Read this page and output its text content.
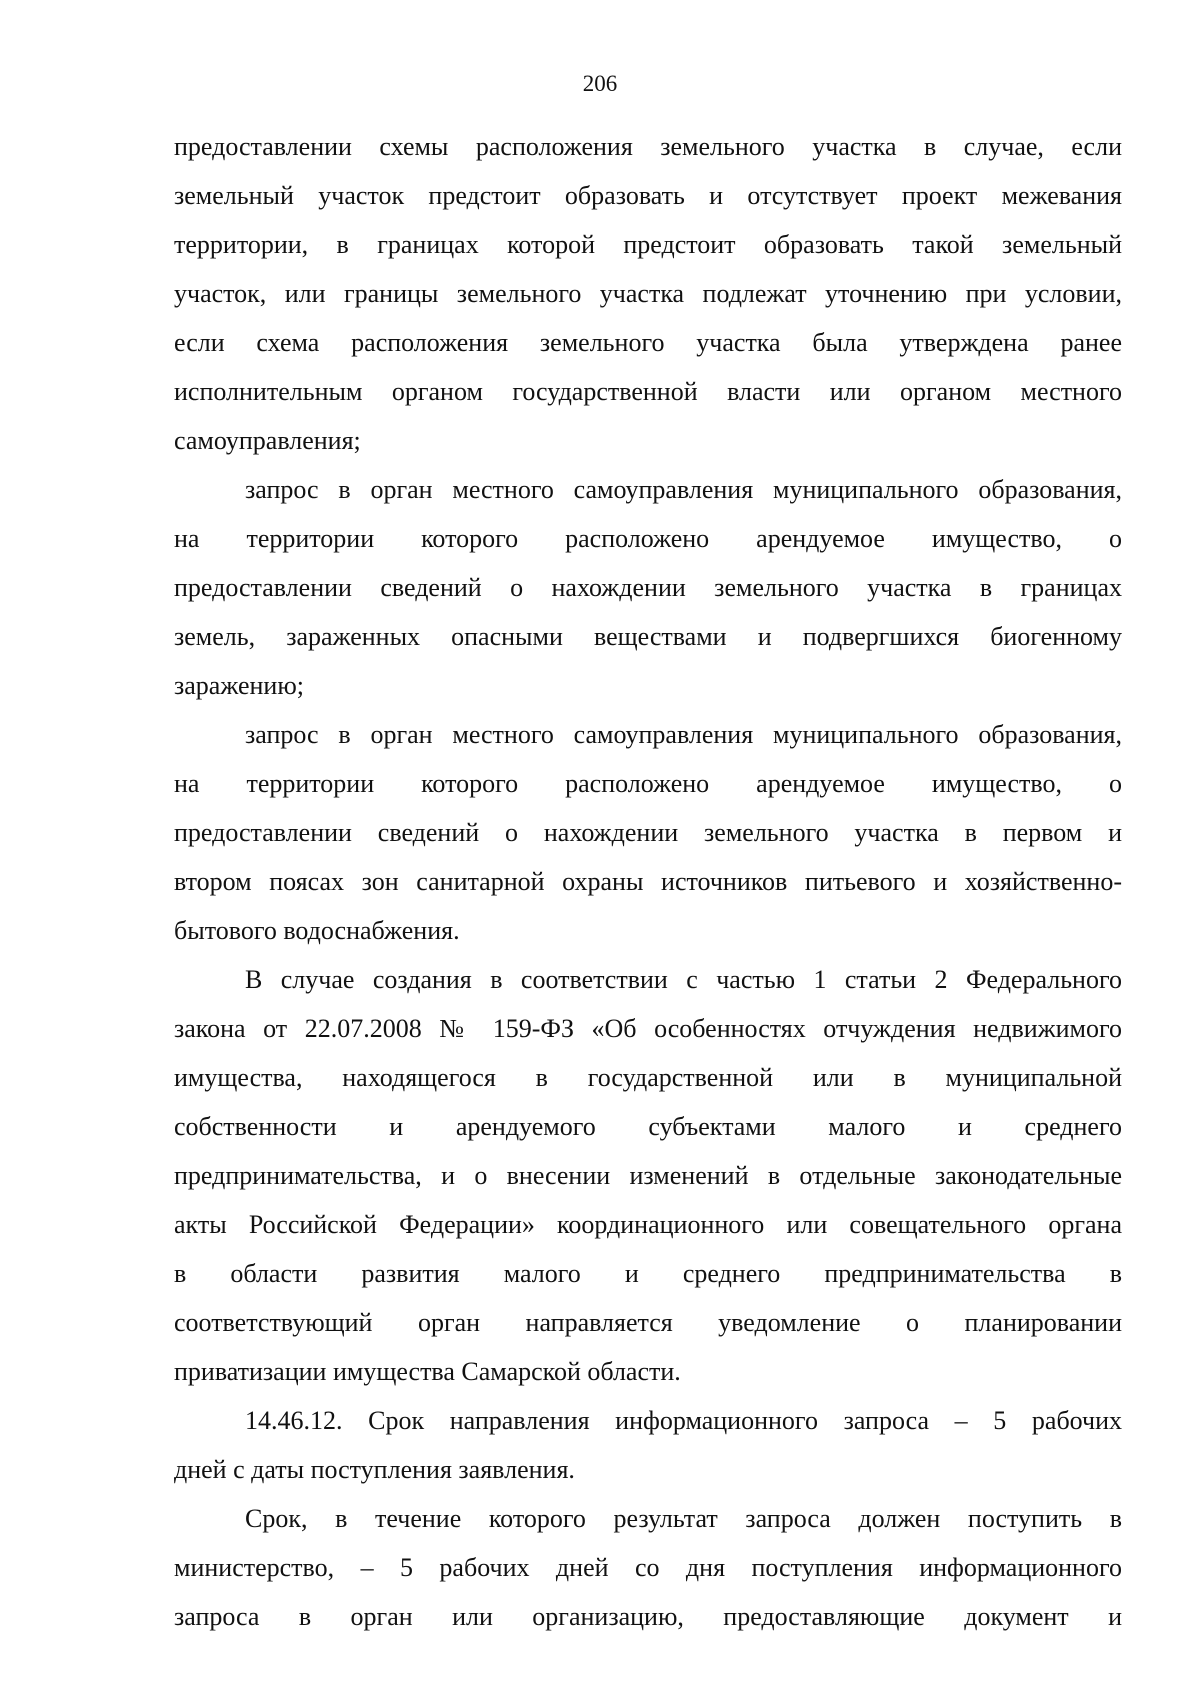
206
предоставлении схемы расположения земельного участка в случае, если
земельный участок предстоит образовать и отсутствует проект межевания
территории, в границах которой предстоит образовать такой земельный
участок, или границы земельного участка подлежат уточнению при условии,
если схема расположения земельного участка была утверждена ранее
исполнительным органом государственной власти или органом местного
самоуправления;
запрос в орган местного самоуправления муниципального образования,
на территории которого расположено арендуемое имущество, о
предоставлении сведений о нахождении земельного участка в границах
земель, зараженных опасными веществами и подвергшихся биогенному
заражению;
запрос в орган местного самоуправления муниципального образования,
на территории которого расположено арендуемое имущество, о
предоставлении сведений о нахождении земельного участка в первом и
втором поясах зон санитарной охраны источников питьевого и хозяйственно-
бытового водоснабжения.
В случае создания в соответствии с частью 1 статьи 2 Федерального
закона от 22.07.2008 № 159-ФЗ «Об особенностях отчуждения недвижимого
имущества, находящегося в государственной или в муниципальной
собственности и арендуемого субъектами малого и среднего
предпринимательства, и о внесении изменений в отдельные законодательные
акты Российской Федерации» координационного или совещательного органа
в области развития малого и среднего предпринимательства в
соответствующий орган направляется уведомление о планировании
приватизации имущества Самарской области.
14.46.12. Срок направления информационного запроса – 5 рабочих
дней с даты поступления заявления.
Срок, в течение которого результат запроса должен поступить в
министерство, – 5 рабочих дней со дня поступления информационного
запроса в орган или организацию, предоставляющие документ и
